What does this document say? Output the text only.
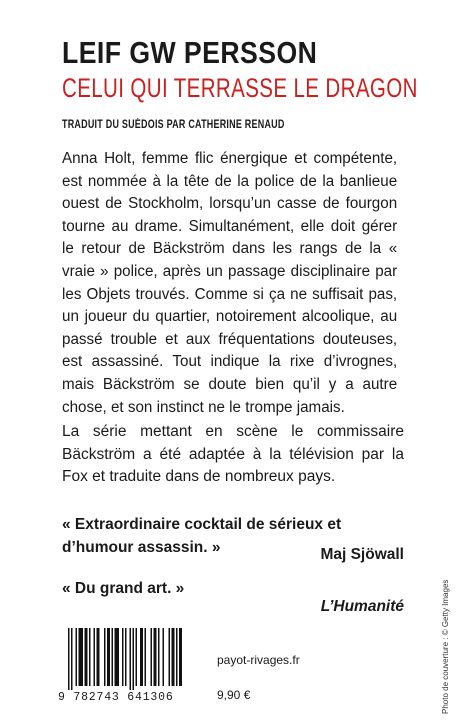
LEIF GW PERSSON
CELUI QUI TERRASSE LE DRAGON
TRADUIT DU SUÉDOIS PAR CATHERINE RENAUD
Anna Holt, femme flic énergique et compétente, est nommée à la tête de la police de la banlieue ouest de Stockholm, lorsqu’un casse de fourgon tourne au drame. Simultanément, elle doit gérer le retour de Bäckström dans les rangs de la « vraie » police, après un passage disciplinaire par les Objets trouvés. Comme si ça ne suffisait pas, un joueur du quartier, notoirement alcoolique, au passé trouble et aux fréquentations douteuses, est assassiné. Tout indique la rixe d’ivrognes, mais Bäckström se doute bien qu’il y a autre chose, et son instinct ne le trompe jamais.
La série mettant en scène le commissaire Bäckström a été adaptée à la télévision par la Fox et traduite dans de nombreux pays.
« Extraordinaire cocktail de sérieux et d’humour assassin. »	Maj Sjöwall
« Du grand art. »
L’Humanité
9 782743 641306
payot-rivages.fr
9,90 €	Photo de couverture : © Getty Images
